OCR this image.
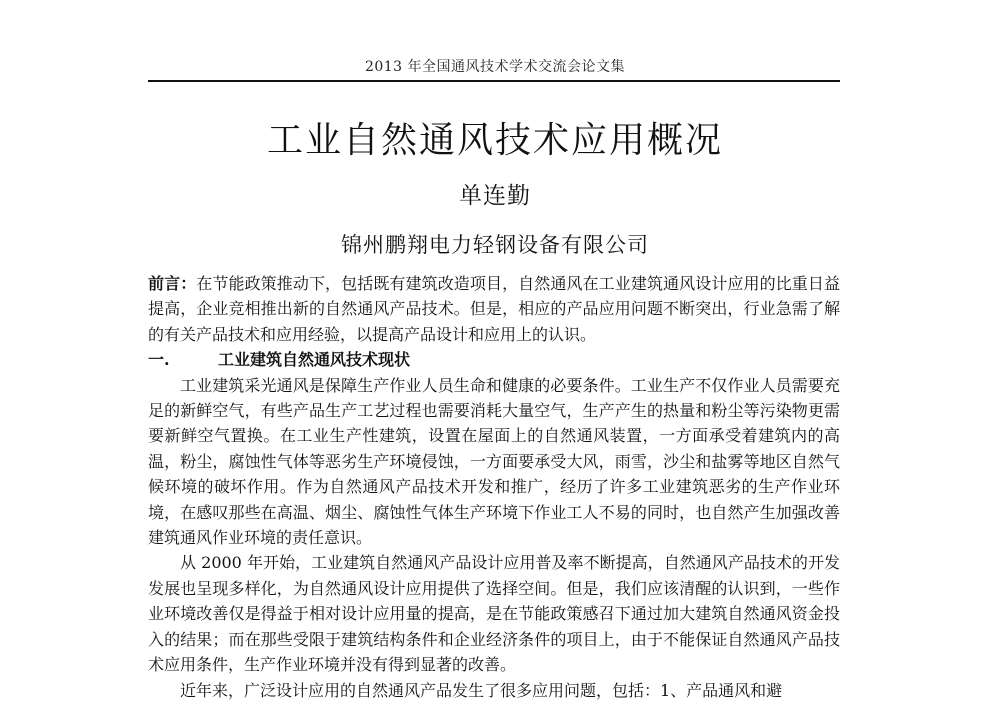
2013 年全国通风技术学术交流会论文集
工业自然通风技术应用概况
单连勤
锦州鹏翔电力轻钢设备有限公司

前言：在节能政策推动下，包括既有建筑改造项目，自然通风在工业建筑通风设计应用的比重日益提高，企业竞相推出新的自然通风产品技术。但是，相应的产品应用问题不断突出，行业急需了解的有关产品技术和应用经验，以提高产品设计和应用上的认识。

一.	工业建筑自然通风技术现状

工业建筑采光通风是保障生产作业人员生命和健康的必要条件。工业生产不仅作业人员需要充足的新鲜空气，有些产品生产工艺过程也需要消耗大量空气，生产产生的热量和粉尘等污染物更需要新鲜空气置换。在工业生产性建筑，设置在屋面上的自然通风装置，一方面承受着建筑内的高温，粉尘，腐蚀性气体等恶劣生产环境侵蚀，一方面要承受大风，雨雪，沙尘和盐雾等地区自然气候环境的破坏作用。作为自然通风产品技术开发和推广，经历了许多工业建筑恶劣的生产作业环境，在感叹那些在高温、烟尘、腐蚀性气体生产环境下作业工人不易的同时，也自然产生加强改善建筑通风作业环境的责任意识。

从 2000 年开始，工业建筑自然通风产品设计应用普及率不断提高，自然通风产品技术的开发发展也呈现多样化，为自然通风设计应用提供了选择空间。但是，我们应该清醒的认识到，一些作业环境改善仅是得益于相对设计应用量的提高，是在节能政策感召下通过加大建筑自然通风资金投入的结果；而在那些受限于建筑结构条件和企业经济条件的项目上，由于不能保证自然通风产品技术应用条件，生产作业环境并没有得到显著的改善。

近年来，广泛设计应用的自然通风产品发生了很多应用问题，包括：1、产品通风和避
